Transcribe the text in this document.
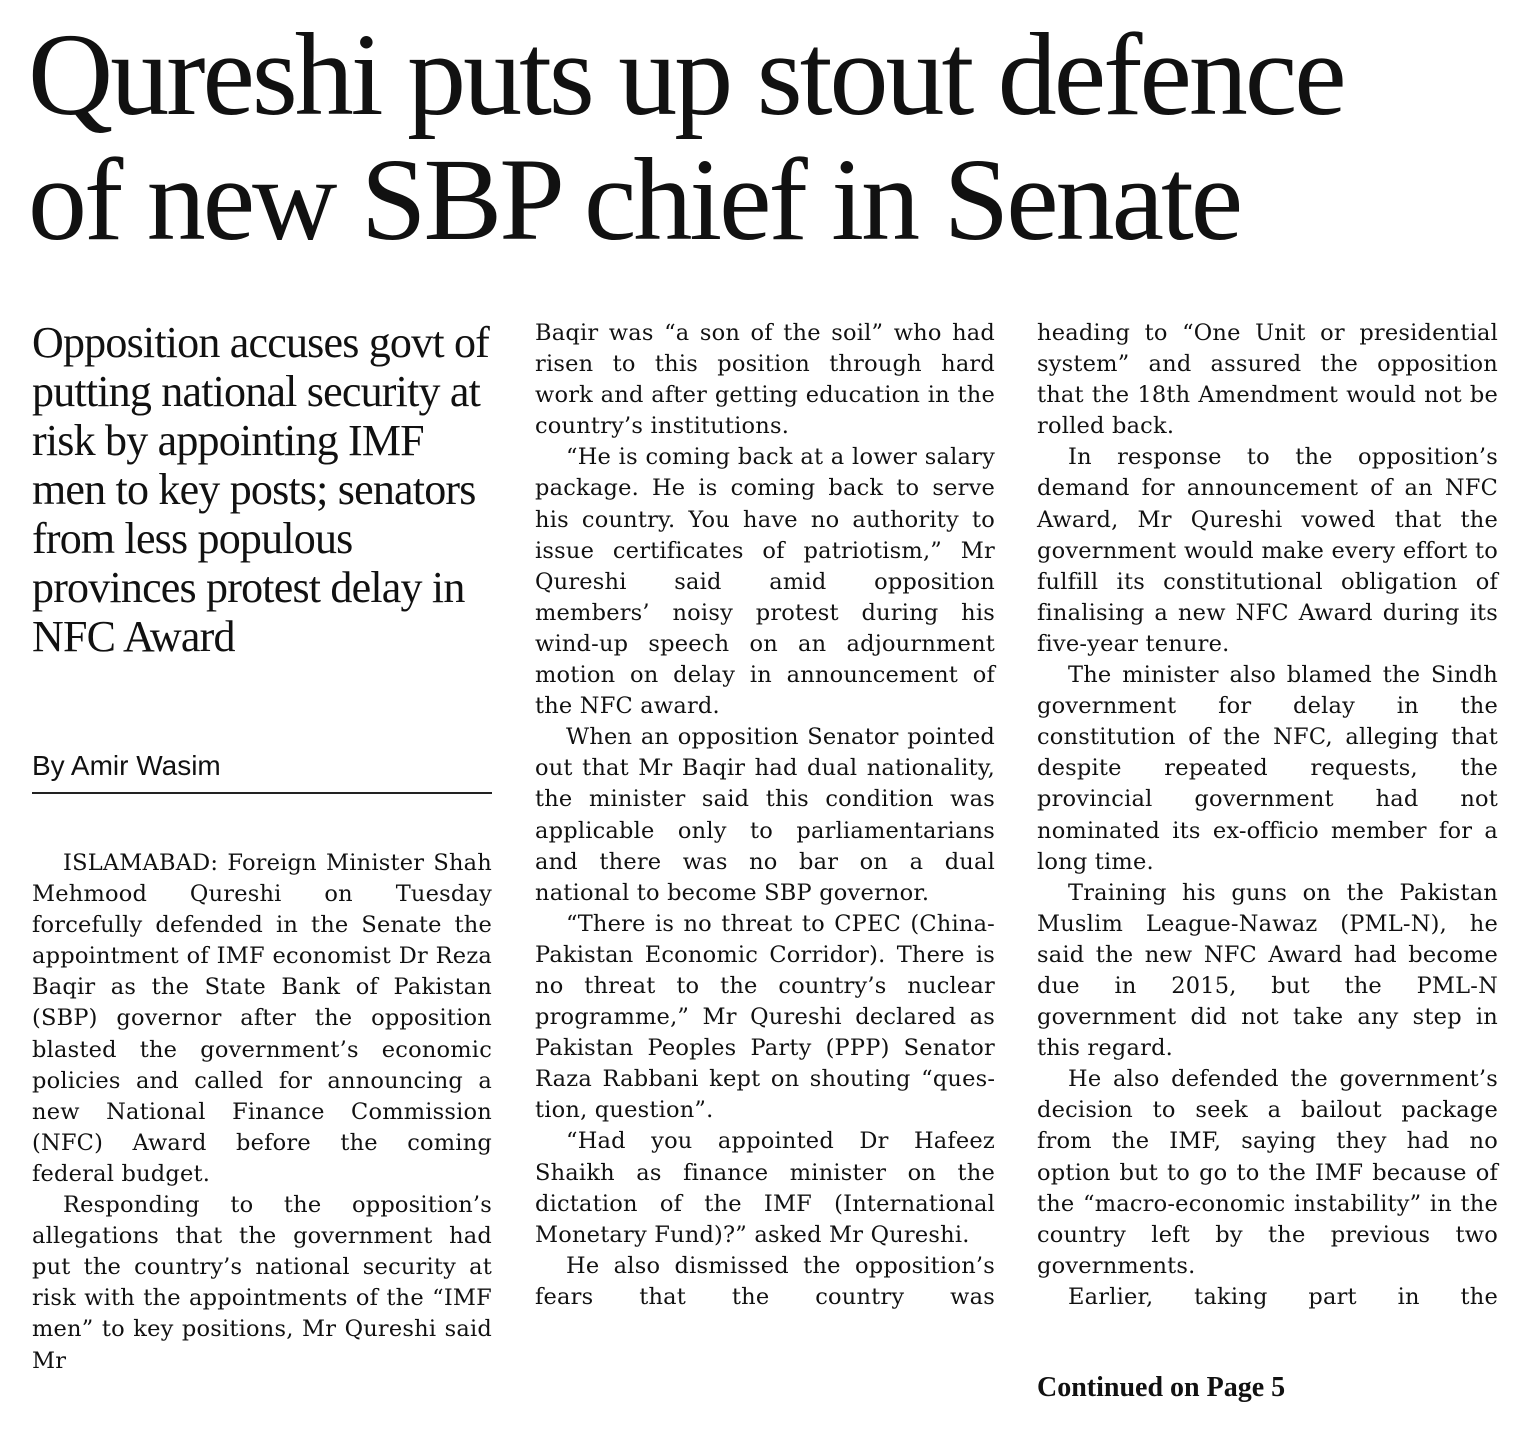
Qureshi puts up stout defence
of new SBP chief in Senate
Opposition accuses govt of putting national security at risk by appointing IMF men to key posts; senators from less populous provinces protest delay in NFC Award
By Amir Wasim

ISLAMABAD: Foreign Minister Shah Mehmood Qureshi on Tuesday forcefully defended in the Senate the appointment of IMF economist Dr Reza Baqir as the State Bank of Pakistan (SBP) governor after the opposition blasted the government’s economic policies and called for announcing a new National Finance Commission (NFC) Award before the coming federal budget.

Responding to the opposition’s allegations that the government had put the country’s national security at risk with the appointments of the “IMF men” to key positions, Mr Qureshi said Mr

Baqir was “a son of the soil” who had risen to this position through hard work and after getting education in the country’s institutions.

“He is coming back at a lower salary package. He is coming back to serve his country. You have no authority to issue certificates of patriotism,” Mr Qureshi said amid opposition members’ noisy protest during his wind-up speech on an adjournment motion on delay in announcement of the NFC award.

When an opposition Senator pointed out that Mr Baqir had dual nationality, the minister said this condition was applicable only to parliamentarians and there was no bar on a dual national to become SBP governor.

“There is no threat to CPEC (China-Pakistan Economic Corridor). There is no threat to the country’s nuclear programme,” Mr Qureshi declared as Pakistan Peoples Party (PPP) Senator Raza Rabbani kept on shouting “question, question”.

“Had you appointed Dr Hafeez Shaikh as finance minister on the dictation of the IMF (International Monetary Fund)?” asked Mr Qureshi.

He also dismissed the opposition’s fears that the country was

heading to “One Unit or presidential system” and assured the opposition that the 18th Amendment would not be rolled back.

In response to the opposition’s demand for announcement of an NFC Award, Mr Qureshi vowed that the government would make every effort to fulfill its constitutional obligation of finalising a new NFC Award during its five-year tenure.

The minister also blamed the Sindh government for delay in the constitution of the NFC, alleging that despite repeated requests, the provincial government had not nominated its ex-officio member for a long time.

Training his guns on the Pakistan Muslim League-Nawaz (PML-N), he said the new NFC Award had become due in 2015, but the PML-N government did not take any step in this regard.

He also defended the government’s decision to seek a bailout package from the IMF, saying they had no option but to go to the IMF because of the “macro-economic instability” in the country left by the previous two governments.

Earlier, taking part in the

Continued on Page 5
